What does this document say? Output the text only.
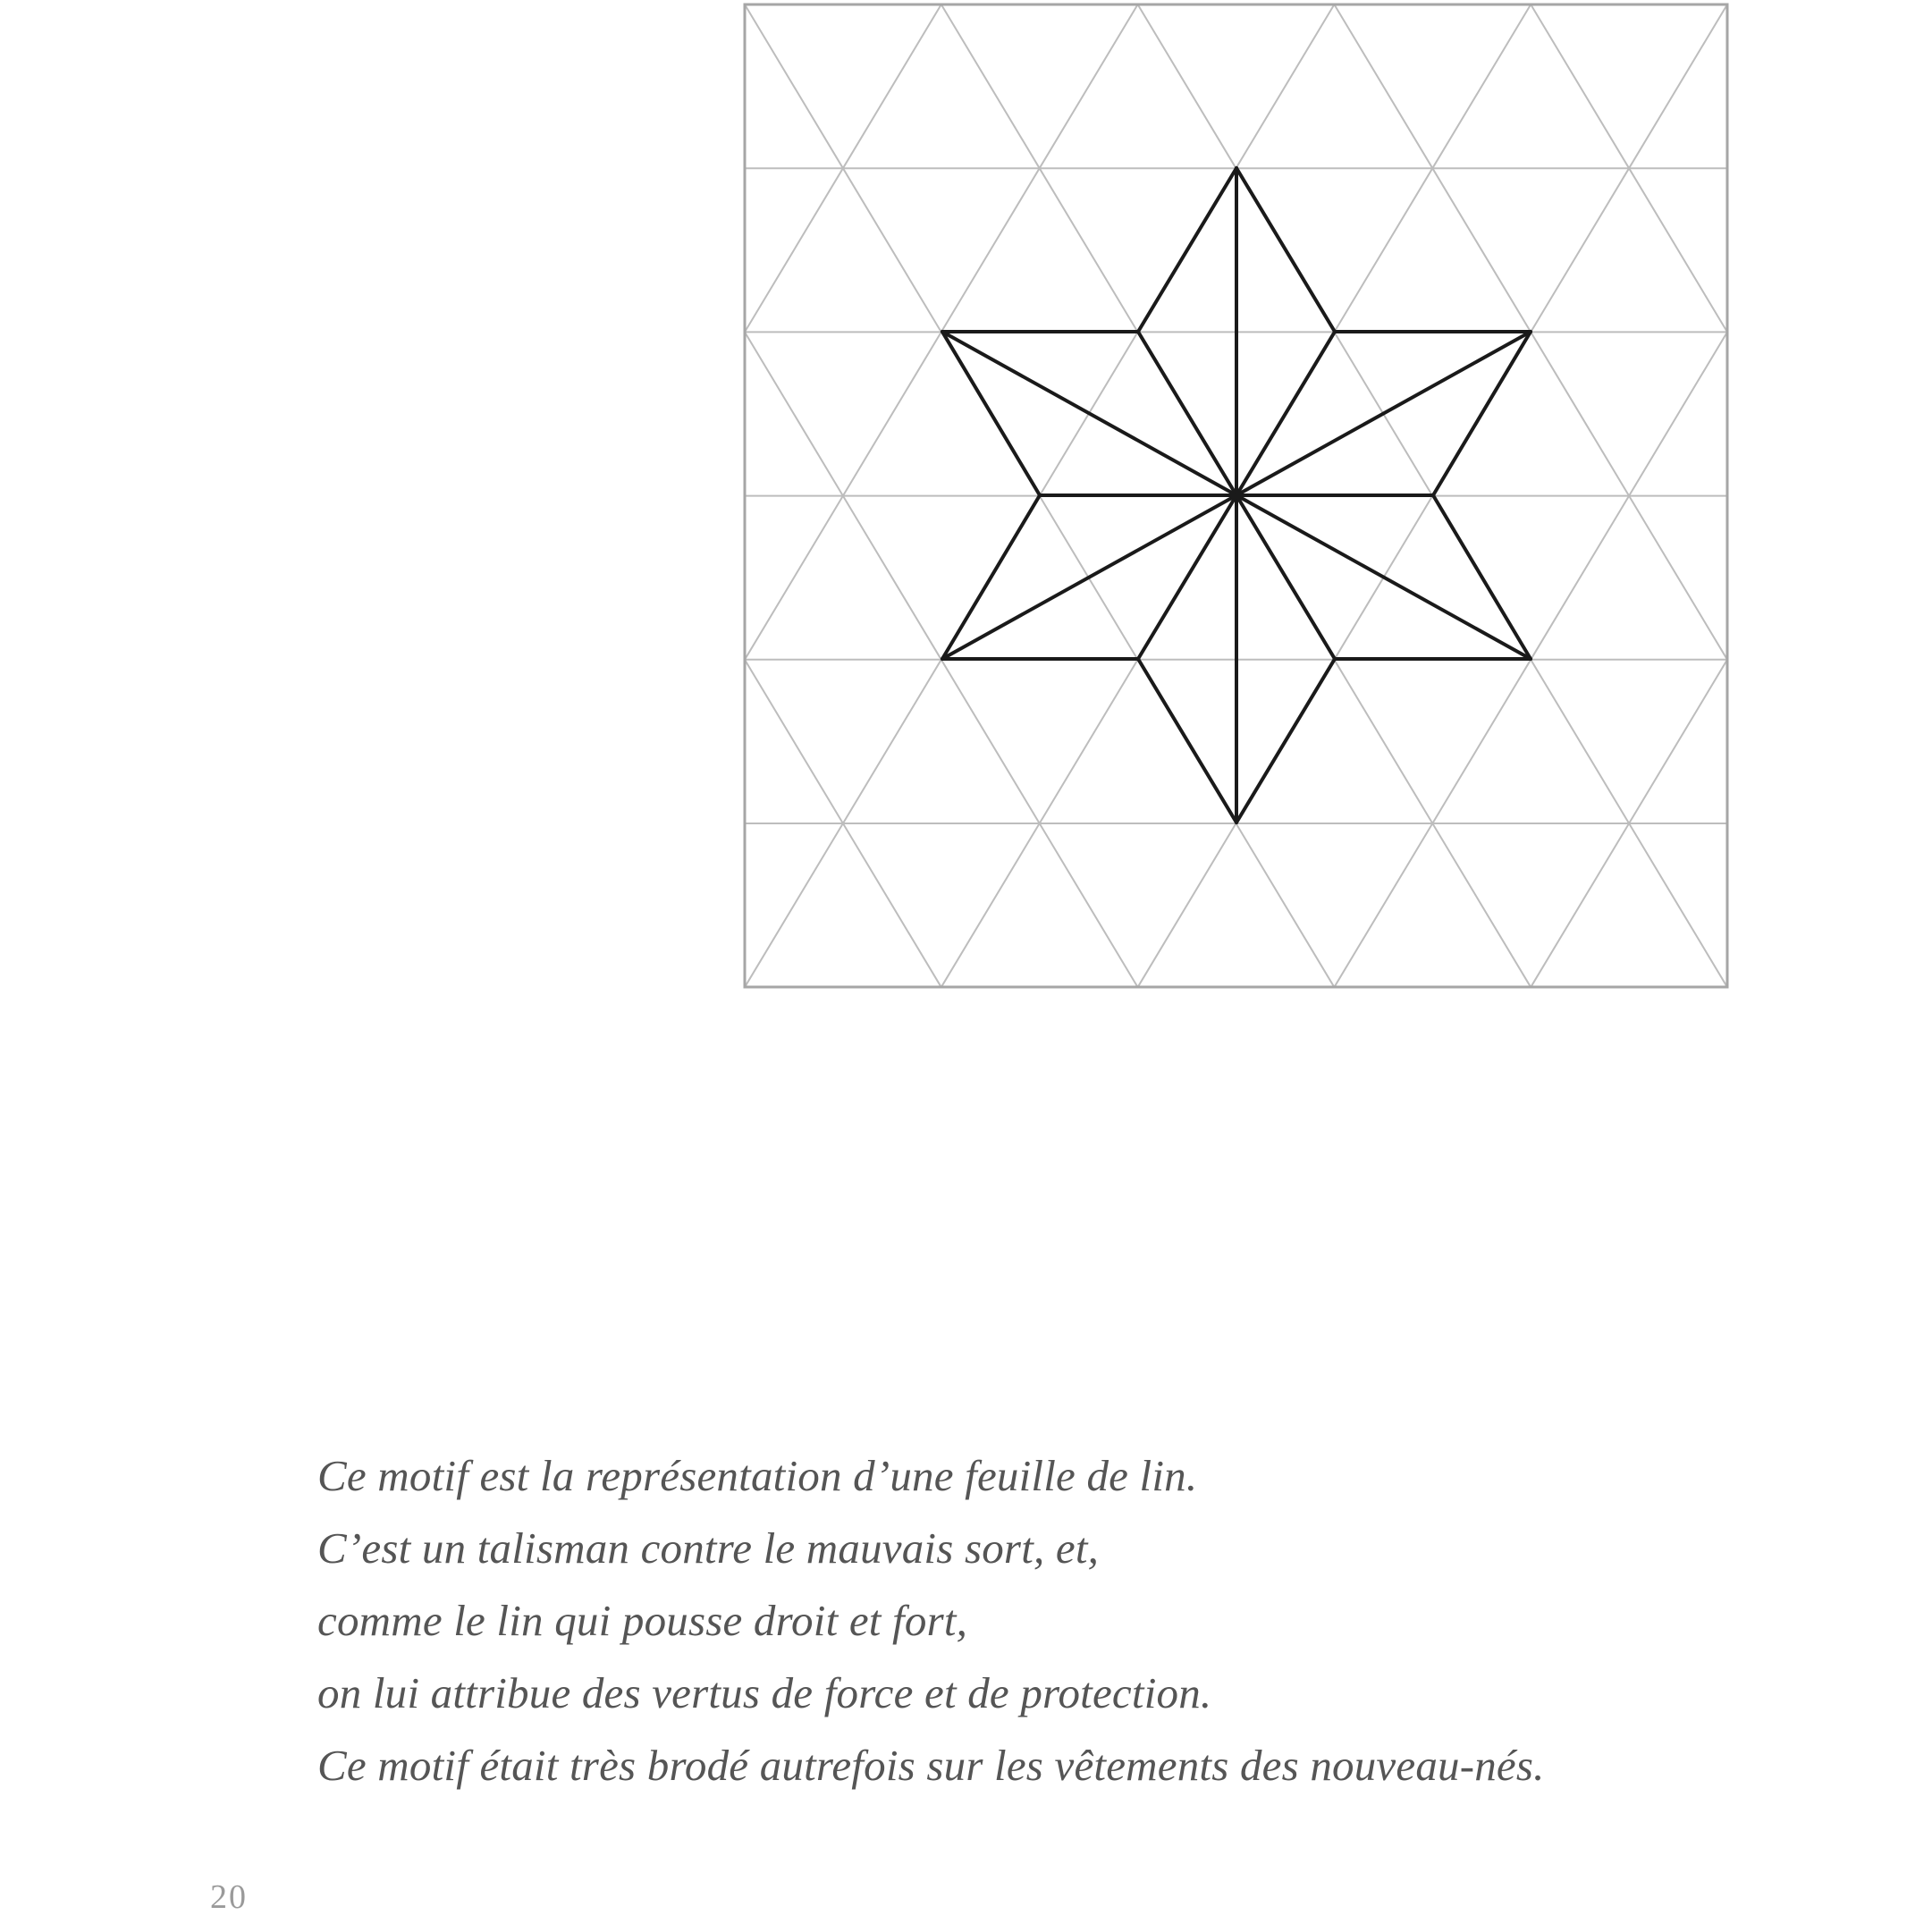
Ce motif est la représentation d’une feuille de lin.
C’est un talisman contre le mauvais sort, et,
comme le lin qui pousse droit et fort,
on lui attribue des vertus de force et de protection.
Ce motif était très brodé autrefois sur les vêtements des nouveau-nés.
20
